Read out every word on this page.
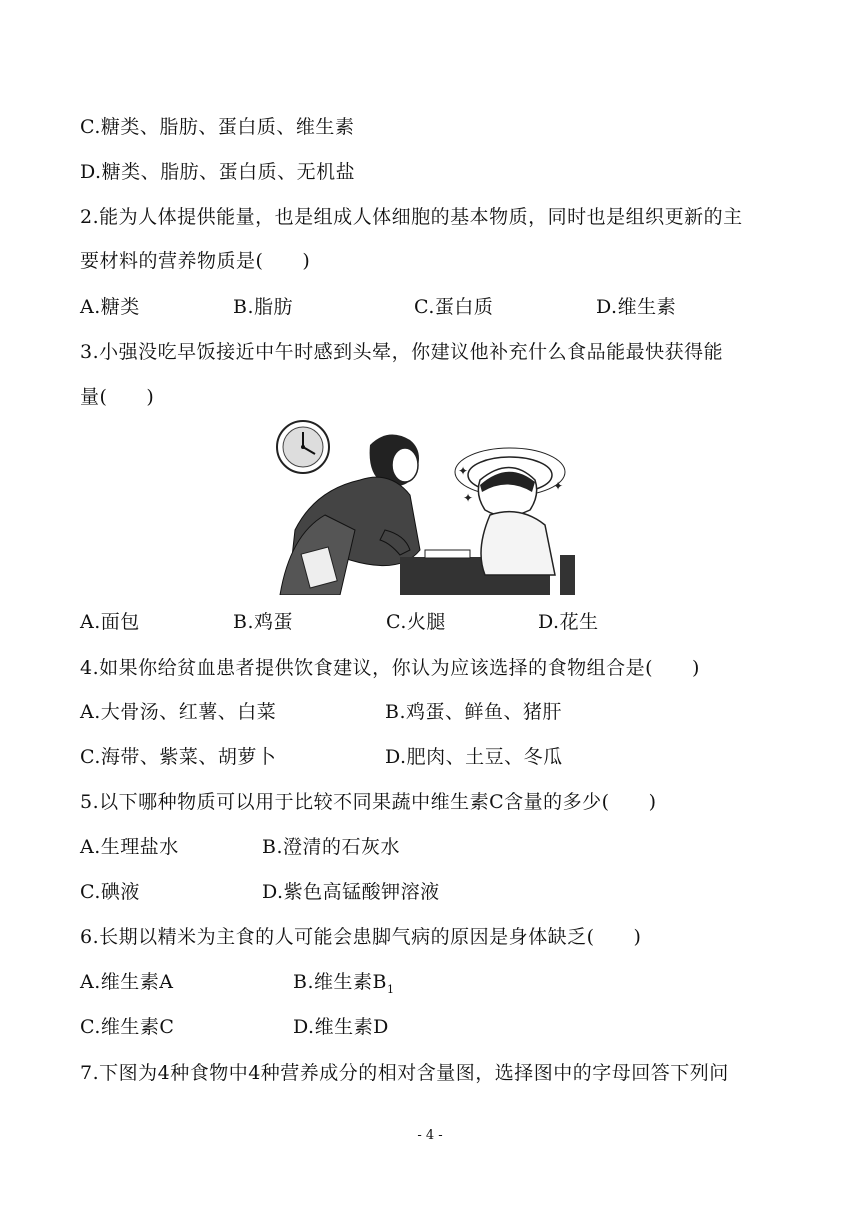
C.糖类、脂肪、蛋白质、维生素
D.糖类、脂肪、蛋白质、无机盐
2.能为人体提供能量，也是组成人体细胞的基本物质，同时也是组织更新的主
要材料的营养物质是(　　)
A.糖类	B.脂肪	C.蛋白质	D.维生素
3.小强没吃早饭接近中午时感到头晕，你建议他补充什么食品能最快获得能
量(　　)
✦
✦
✦
A.面包	B.鸡蛋	C.火腿	D.花生
4.如果你给贫血患者提供饮食建议，你认为应该选择的食物组合是(　　)
A.大骨汤、红薯、白菜	B.鸡蛋、鲜鱼、猪肝
C.海带、紫菜、胡萝卜	D.肥肉、土豆、冬瓜
5.以下哪种物质可以用于比较不同果蔬中维生素C含量的多少(　　)
A.生理盐水	B.澄清的石灰水
C.碘液	D.紫色高锰酸钾溶液
6.长期以精米为主食的人可能会患脚气病的原因是身体缺乏(　　)
A.维生素A	B.维生素$B_1$
C.维生素C	D.维生素D
7.下图为4种食物中4种营养成分的相对含量图，选择图中的字母回答下列问
- 4 -
